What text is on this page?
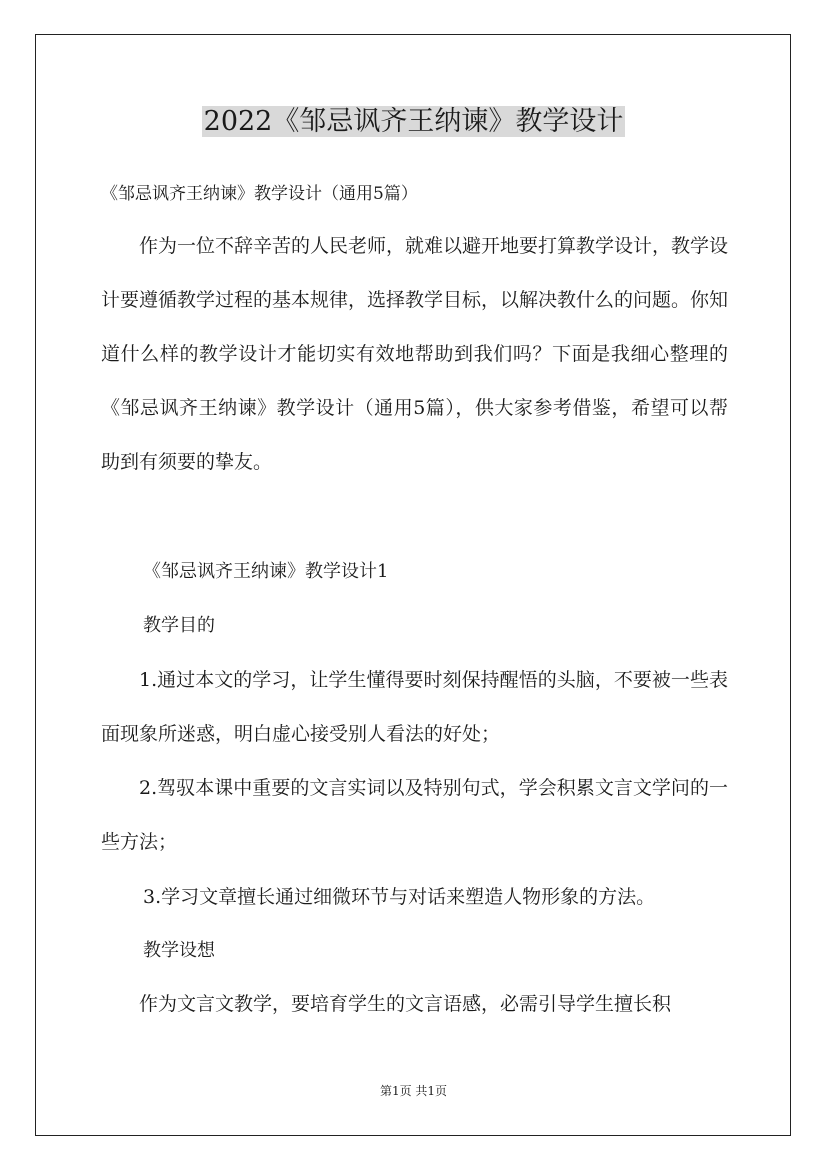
2022《邹忌讽齐王纳谏》教学设计
《邹忌讽齐王纳谏》教学设计（通用5篇）

作为一位不辞辛苦的人民老师，就难以避开地要打算教学设计，教学设计要遵循教学过程的基本规律，选择教学目标，以解决教什么的问题。你知道什么样的教学设计才能切实有效地帮助到我们吗？下面是我细心整理的《邹忌讽齐王纳谏》教学设计（通用5篇），供大家参考借鉴，希望可以帮助到有须要的挚友。

《邹忌讽齐王纳谏》教学设计1
教学目的

1.通过本文的学习，让学生懂得要时刻保持醒悟的头脑，不要被一些表面现象所迷惑，明白虚心接受别人看法的好处；

2.驾驭本课中重要的文言实词以及特别句式，学会积累文言文学问的一些方法；

3.学习文章擅长通过细微环节与对话来塑造人物形象的方法。
教学设想

作为文言文教学，要培育学生的文言语感，必需引导学生擅长积

第1页 共1页
